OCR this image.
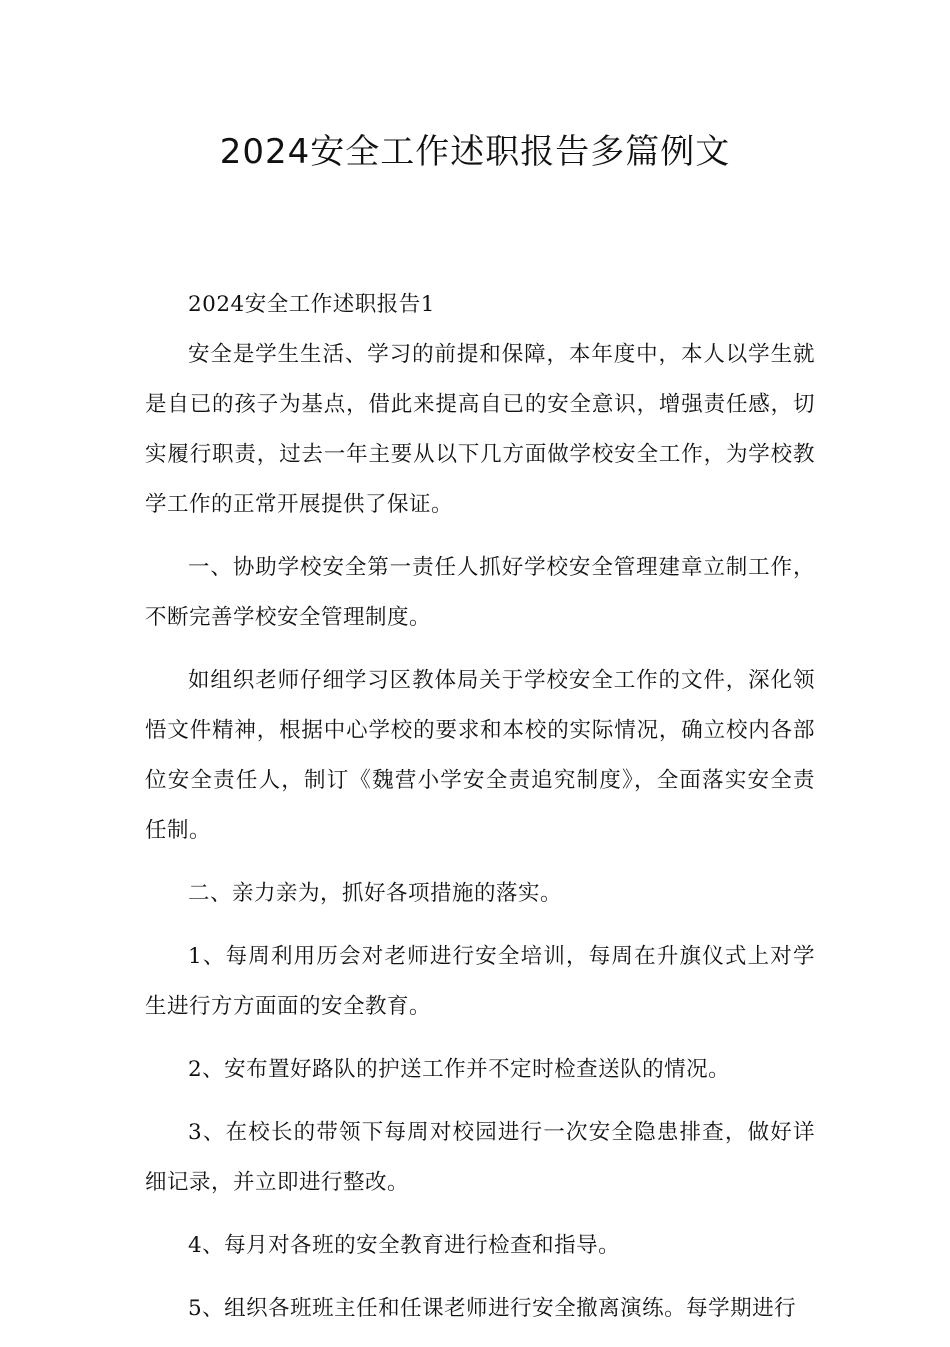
2024安全工作述职报告多篇例文

2024安全工作述职报告1

安全是学生生活、学习的前提和保障，本年度中，本人以学生就是自已的孩子为基点，借此来提高自已的安全意识，增强责任感，切实履行职责，过去一年主要从以下几方面做学校安全工作，为学校教学工作的正常开展提供了保证。

一、协助学校安全第一责任人抓好学校安全管理建章立制工作，不断完善学校安全管理制度。

如组织老师仔细学习区教体局关于学校安全工作的文件，深化领悟文件精神，根据中心学校的要求和本校的实际情况，确立校内各部位安全责任人，制订《魏营小学安全责追究制度》，全面落实安全责任制。

二、亲力亲为，抓好各项措施的落实。

1、每周利用历会对老师进行安全培训，每周在升旗仪式上对学生进行方方面面的安全教育。

2、安布置好路队的护送工作并不定时检查送队的情况。

3、在校长的带领下每周对校园进行一次安全隐患排查，做好详细记录，并立即进行整改。

4、每月对各班的安全教育进行检查和指导。

5、组织各班班主任和任课老师进行安全撤离演练。每学期进行
